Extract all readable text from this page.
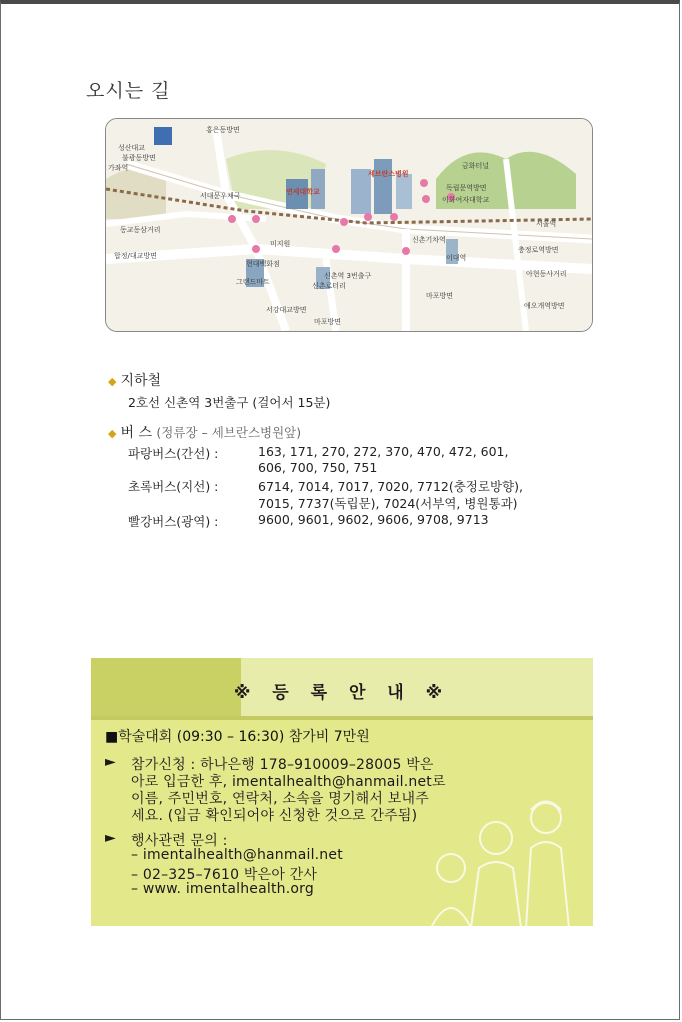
오시는 길
홍은동방면
성산대교
불광동방면
가좌역
서대문우체국	연세대학교
세브란스병원
금화터널
독립문역방면
이화여자대학교
서울역
동교동삼거리
합정/대교방면
미지원	신촌기차역
충정로역방면
이대역
아현동사거리
현대백화점
신촌역 3번출구
신촌로터리
그랜드마트
마포방면
애오개역방면
서강대교방면
마포방면
◆ 지하철
2호선 신촌역 3번출구 (걸어서 15분)
◆ 버 스 (정류장 – 세브란스병원앞)
파랑버스(간선) :	163, 171, 270, 272, 370, 470, 472, 601,
606, 700, 750, 751
초록버스(지선) :	6714, 7014, 7017, 7020, 7712(충정로방향),
7015, 7737(독립문), 7024(서부역, 병원통과)
빨강버스(광역) :	9600, 9601, 9602, 9606, 9708, 9713
※ 등 록 안 내 ※
■학술대회 (09:30 – 16:30) 참가비 7만원
► 참가신청 : 하나은행 178–910009–28005 박은
아로 입금한 후, imentalhealth@hanmail.net로
이름, 주민번호, 연락처, 소속을 명기해서 보내주
세요. (입금 확인되어야 신청한 것으로 간주됨)
► 행사관련 문의 :
– imentalhealth@hanmail.net
– 02–325–7610 박은아 간사
– www. imentalhealth.org
